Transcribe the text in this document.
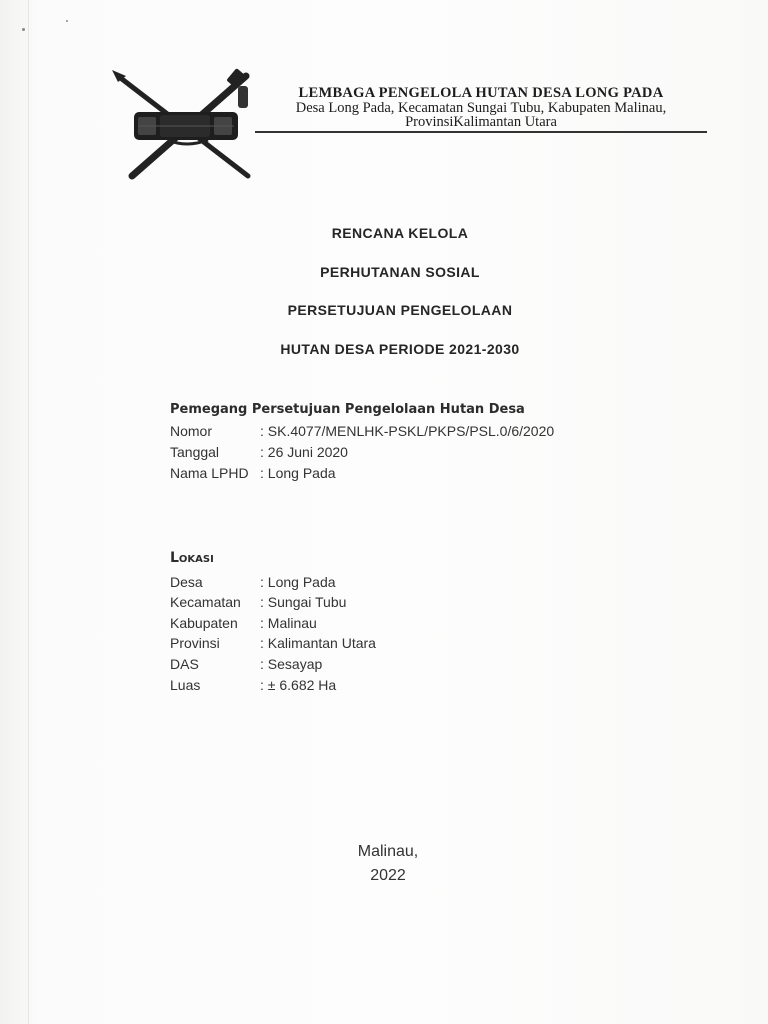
LEMBAGA PENGELOLA HUTAN DESA LONG PADA
Desa Long Pada, Kecamatan Sungai Tubu, Kabupaten Malinau,
ProvinsiKalimantan Utara
RENCANA KELOLA
PERHUTANAN SOSIAL
PERSETUJUAN PENGELOLAAN
HUTAN DESA PERIODE 2021-2030
Pemegang Persetujuan Pengelolaan Hutan Desa
Nomor	: SK.4077/MENLHK-PSKL/PKPS/PSL.0/6/2020
Tanggal	: 26 Juni 2020
Nama LPHD : Long Pada
Lokasi
Desa	: Long Pada
Kecamatan : Sungai Tubu
Kabupaten : Malinau
Provinsi	: Kalimantan Utara
DAS	: Sesayap
Luas	: ± 6.682 Ha
Malinau,
2022
